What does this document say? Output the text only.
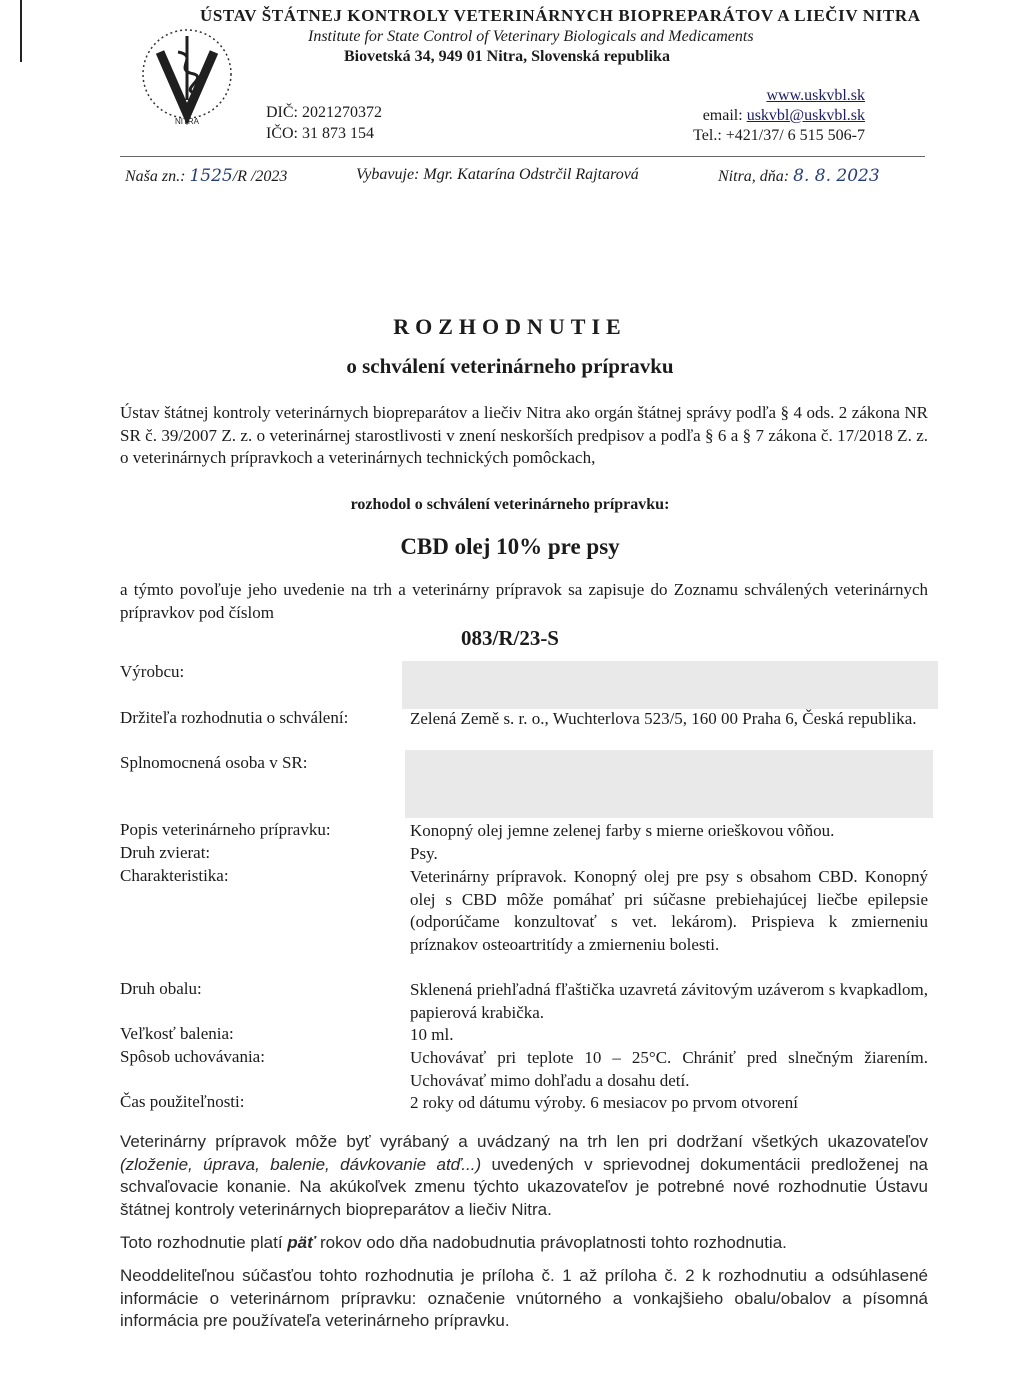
NITRA
ÚSTAV ŠTÁTNEJ KONTROLY VETERINÁRNYCH BIOPREPARÁTOV A LIEČIV NITRA
Institute for State Control of Veterinary Biologicals and Medicaments
Biovetská 34, 949 01 Nitra, Slovenská republika
DIČ: 2021270372
IČO: 31 873 154
www.uskvbl.sk
email: uskvbl@uskvbl.sk
Tel.: +421/37/ 6 515 506-7
Naša zn.: 1525/R /2023	Vybavuje: Mgr. Katarína Odstrčil Rajtarová	Nitra, dňa: 8. 8. 2023
ROZHODNUTIE
o schválení veterinárneho prípravku
Ústav štátnej kontroly veterinárnych biopreparátov a liečiv Nitra ako orgán štátnej správy podľa § 4 ods. 2 zákona NR SR č. 39/2007 Z. z. o veterinárnej starostlivosti v znení neskorších predpisov a podľa § 6 a § 7 zákona č. 17/2018 Z. z. o veterinárnych prípravkoch a veterinárnych technických pomôckach,
rozhodol o schválení veterinárneho prípravku:
CBD olej 10% pre psy
a týmto povoľuje jeho uvedenie na trh a veterinárny prípravok sa zapisuje do Zoznamu schválených veterinárnych prípravkov pod číslom
083/R/23-S
Výrobcu:
Držiteľa rozhodnutia o schválení:	Zelená Země s. r. o., Wuchterlova 523/5, 160 00 Praha 6, Česká republika.
Splnomocnená osoba v SR:
Popis veterinárneho prípravku:	Konopný olej jemne zelenej farby s mierne orieškovou vôňou.
Druh zvierat:	Psy.
Charakteristika:	Veterinárny prípravok. Konopný olej pre psy s obsahom CBD. Konopný olej s CBD môže pomáhať pri súčasne prebiehajúcej liečbe epilepsie (odporúčame konzultovať s vet. lekárom). Prispieva k zmierneniu príznakov osteoartritídy a zmierneniu bolesti.
Druh obalu:	Sklenená priehľadná fľaštička uzavretá závitovým uzáverom s kvapkadlom, papierová krabička.
Veľkosť balenia:	10 ml.
Spôsob uchovávania:	Uchovávať pri teplote 10 – 25°C. Chrániť pred slnečným žiarením. Uchovávať mimo dohľadu a dosahu detí.
Čas použiteľnosti:	2 roky od dátumu výroby. 6 mesiacov po prvom otvorení
Veterinárny prípravok môže byť vyrábaný a uvádzaný na trh len pri dodržaní všetkých ukazovateľov (zloženie, úprava, balenie, dávkovanie atď...) uvedených v sprievodnej dokumentácii predloženej na schvaľovacie konanie. Na akúkoľvek zmenu týchto ukazovateľov je potrebné nové rozhodnutie Ústavu štátnej kontroly veterinárnych biopreparátov a liečiv Nitra.
Toto rozhodnutie platí päť rokov odo dňa nadobudnutia právoplatnosti tohto rozhodnutia.
Neoddeliteľnou súčasťou tohto rozhodnutia je príloha č. 1 až príloha č. 2 k rozhodnutiu a odsúhlasené informácie o veterinárnom prípravku: označenie vnútorného a vonkajšieho obalu/obalov a písomná informácia pre používateľa veterinárneho prípravku.
